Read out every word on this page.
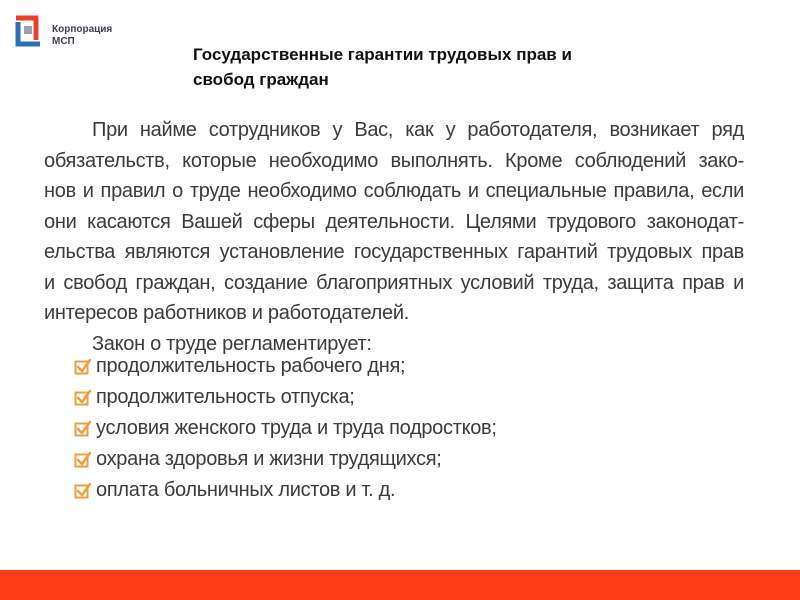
Корпорация
МСП
Государственные гарантии трудовых прав и
свобод граждан
При найме сотрудников у Вас, как у работодателя, возникает ряд
обязательств, которые необходимо выполнять. Кроме соблюдений зако-
нов и правил о труде необходимо соблюдать и специальные правила, если
они касаются Вашей сферы деятельности. Целями трудового законодат-
ельства являются установление государственных гарантий трудовых прав
и свобод граждан, создание благоприятных условий труда, защита прав и
интересов работников и работодателей.
Закон о труде регламентирует:
продолжительность рабочего дня;
продолжительность отпуска;
условия женского труда и труда подростков;
охрана здоровья и жизни трудящихся;
оплата больничных листов и т. д.
